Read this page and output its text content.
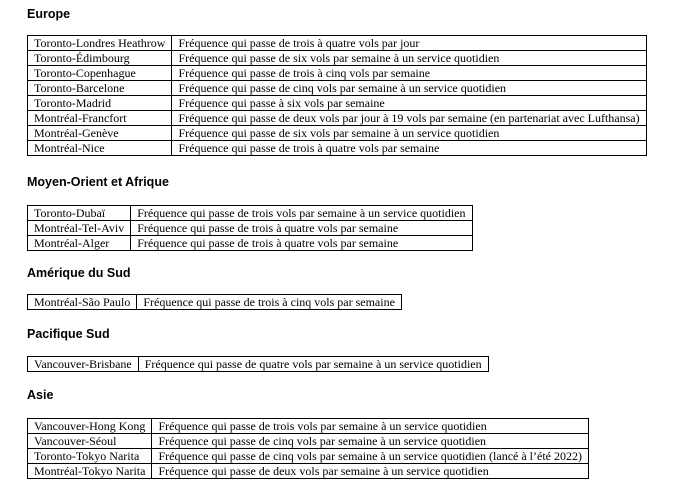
Europe
Toronto-Londres Heathrow	Fréquence qui passe de trois à quatre vols par jour
Toronto-Édimbourg	Fréquence qui passe de six vols par semaine à un service quotidien
Toronto-Copenhague	Fréquence qui passe de trois à cinq vols par semaine
Toronto-Barcelone	Fréquence qui passe de cinq vols par semaine à un service quotidien
Toronto-Madrid	Fréquence qui passe à six vols par semaine
Montréal-Francfort	Fréquence qui passe de deux vols par jour à 19 vols par semaine (en partenariat avec Lufthansa)
Montréal-Genève	Fréquence qui passe de six vols par semaine à un service quotidien
Montréal-Nice	Fréquence qui passe de trois à quatre vols par semaine
Moyen-Orient et Afrique
Toronto-Dubaï	Fréquence qui passe de trois vols par semaine à un service quotidien
Montréal-Tel-Aviv	Fréquence qui passe de trois à quatre vols par semaine
Montréal-Alger	Fréquence qui passe de trois à quatre vols par semaine
Amérique du Sud
Montréal-São Paulo	Fréquence qui passe de trois à cinq vols par semaine
Pacifique Sud
Vancouver-Brisbane	Fréquence qui passe de quatre vols par semaine à un service quotidien
Asie
Vancouver-Hong Kong	Fréquence qui passe de trois vols par semaine à un service quotidien
Vancouver-Séoul	Fréquence qui passe de cinq vols par semaine à un service quotidien
Toronto-Tokyo Narita	Fréquence qui passe de cinq vols par semaine à un service quotidien (lancé à l’été 2022)
Montréal-Tokyo Narita	Fréquence qui passe de deux vols par semaine à un service quotidien
